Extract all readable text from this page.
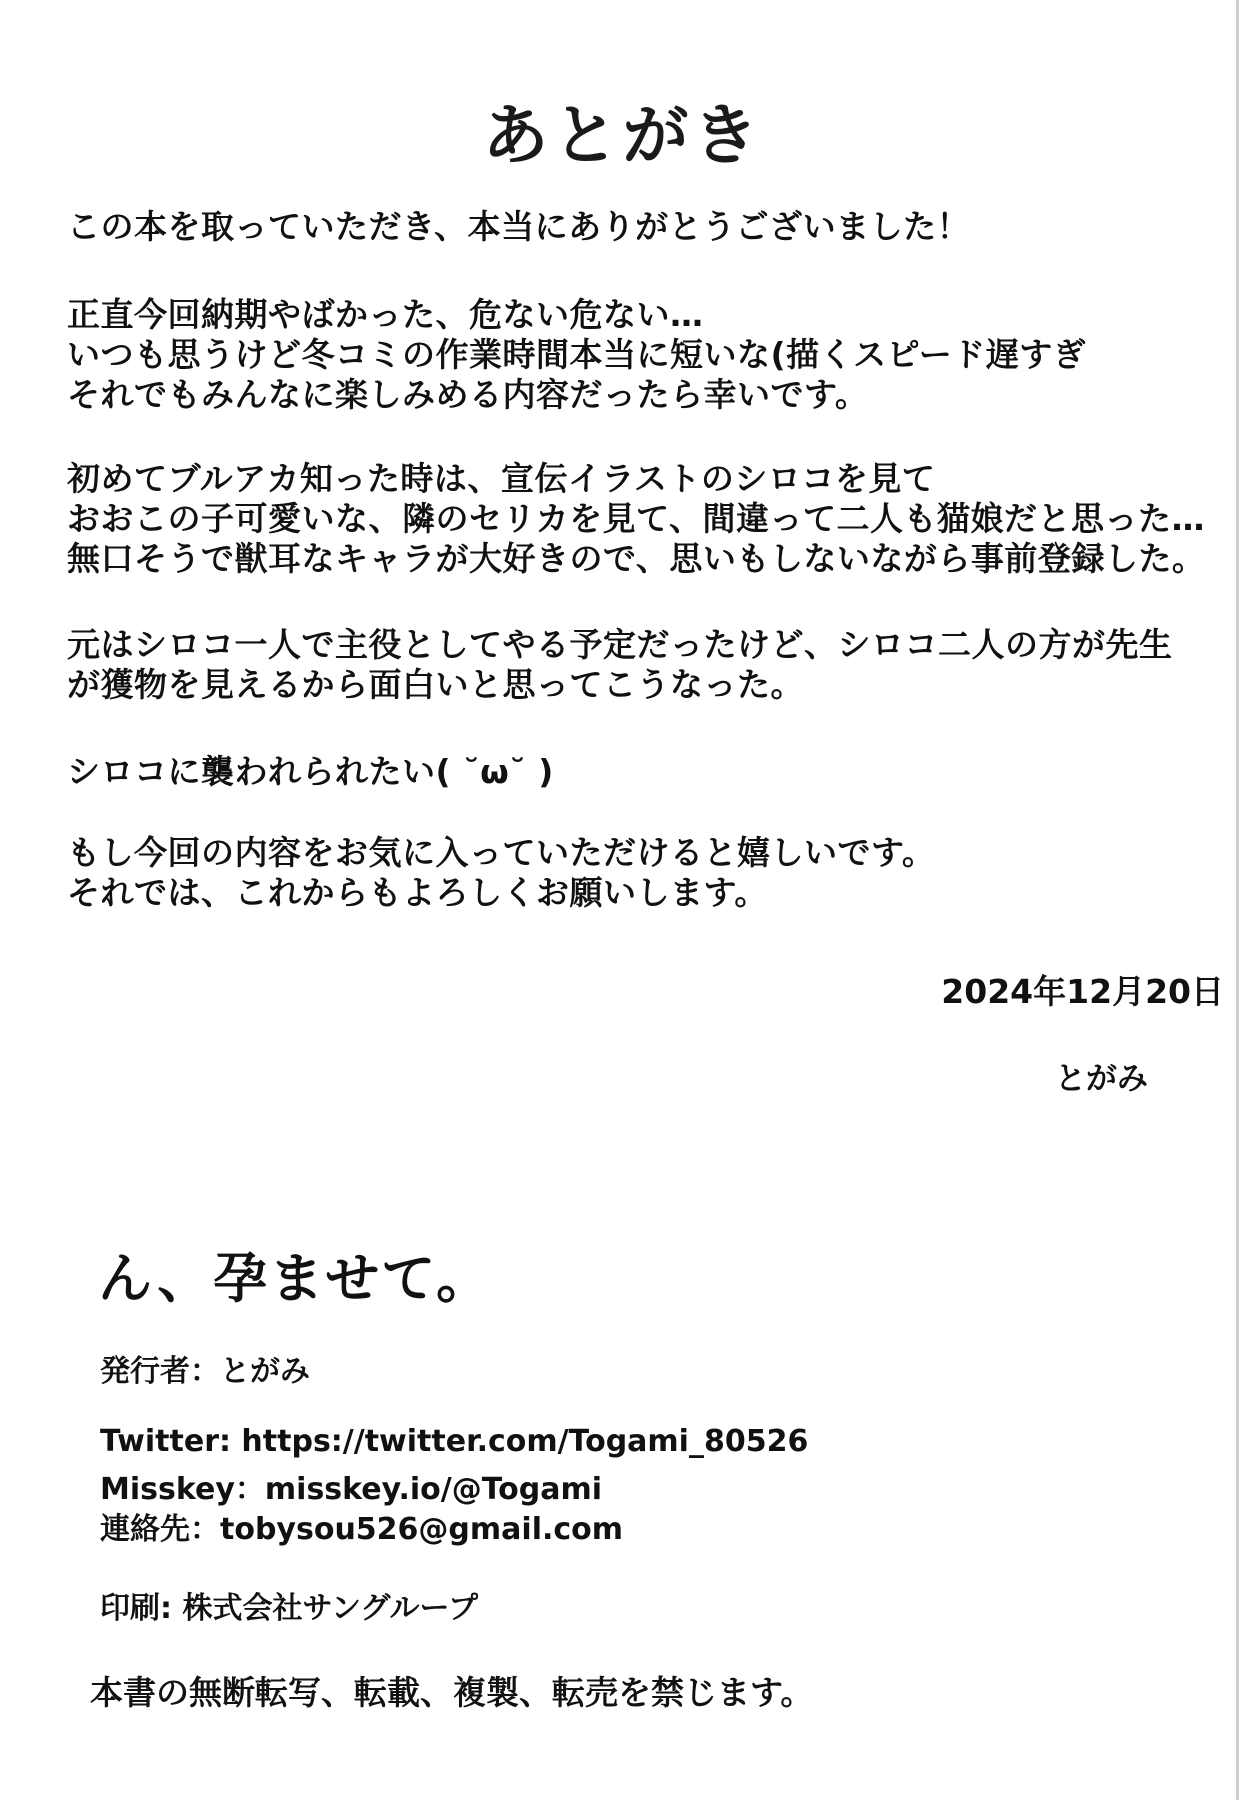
あとがき
この本を取っていただき、本当にありがとうございました！
正直今回納期やばかった、危ない危ない…
いつも思うけど冬コミの作業時間本当に短いな(描くスピード遅すぎ
それでもみんなに楽しみめる内容だったら幸いです。
初めてブルアカ知った時は、宣伝イラストのシロコを見て
おおこの子可愛いな、隣のセリカを見て、間違って二人も猫娘だと思った…
無口そうで獣耳なキャラが大好きので、思いもしないながら事前登録した。
元はシロコ一人で主役としてやる予定だったけど、シロコ二人の方が先生
が獲物を見えるから面白いと思ってこうなった。
シロコに襲われられたい( ˘ω˘ )
もし今回の内容をお気に入っていただけると嬉しいです。
それでは、これからもよろしくお願いします。
2024年12月20日
とがみ
ん、孕ませて。
発行者：とがみ
Twitter: https://twitter.com/Togami_80526
Misskey：misskey.io/@Togami
連絡先：tobysou526@gmail.com
印刷: 株式会社サングループ
本書の無断転写、転載、複製、転売を禁じます。
